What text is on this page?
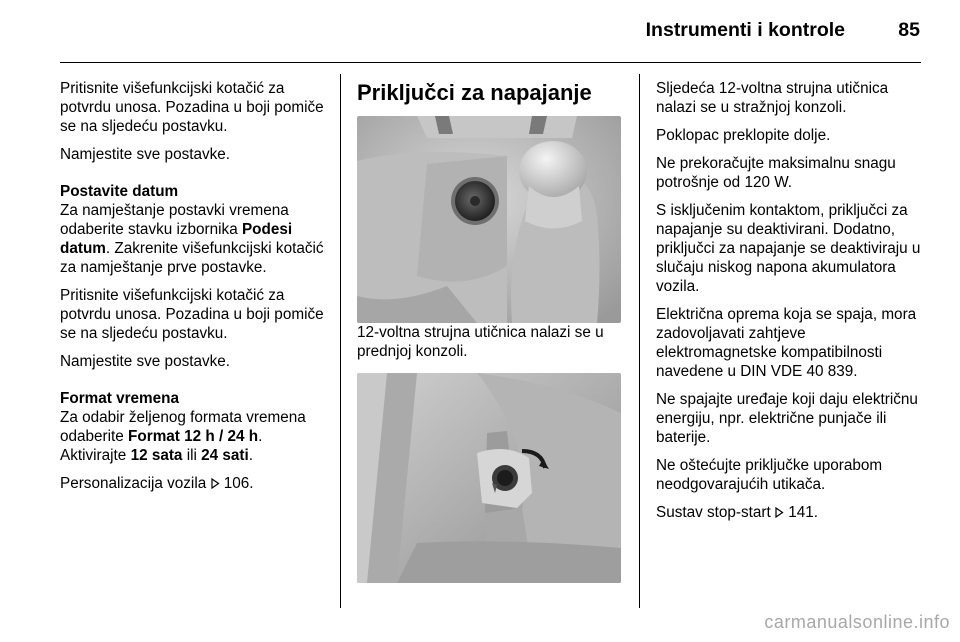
Instrumenti i kontrole	85

Pritisnite višefunkcijski kotačić za potvrdu unosa. Pozadina u boji pomiče se na sljedeću postavku.

Namjestite sve postavke.

Postavite datum
Za namještanje postavki vremena odaberite stavku izbornika Podesi datum. Zakrenite višefunkcijski kotačić za namještanje prve postavke.

Pritisnite višefunkcijski kotačić za potvrdu unosa. Pozadina u boji pomiče se na sljedeću postavku.

Namjestite sve postavke.

Format vremena
Za odabir željenog formata vremena odaberite Format 12 h / 24 h.
Aktivirajte 12 sata ili 24 sati.

Personalizacija vozila 106.

Priključci za napajanje

12-voltna strujna utičnica nalazi se u prednjoj konzoli.

Sljedeća 12-voltna strujna utičnica nalazi se u stražnjoj konzoli.

Poklopac preklopite dolje.

Ne prekoračujte maksimalnu snagu potrošnje od 120 W.

S isključenim kontaktom, priključci za napajanje su deaktivirani. Dodatno, priključci za napajanje se deaktiviraju u slučaju niskog napona akumulatora vozila.

Električna oprema koja se spaja, mora zadovoljavati zahtjeve elektromagnetske kompatibilnosti navedene u DIN VDE 40 839.

Ne spajajte uređaje koji daju električnu energiju, npr. električne punjače ili baterije.

Ne oštećujte priključke uporabom neodgovarajućih utikača.

Sustav stop-start 141.

carmanualsonline.info
